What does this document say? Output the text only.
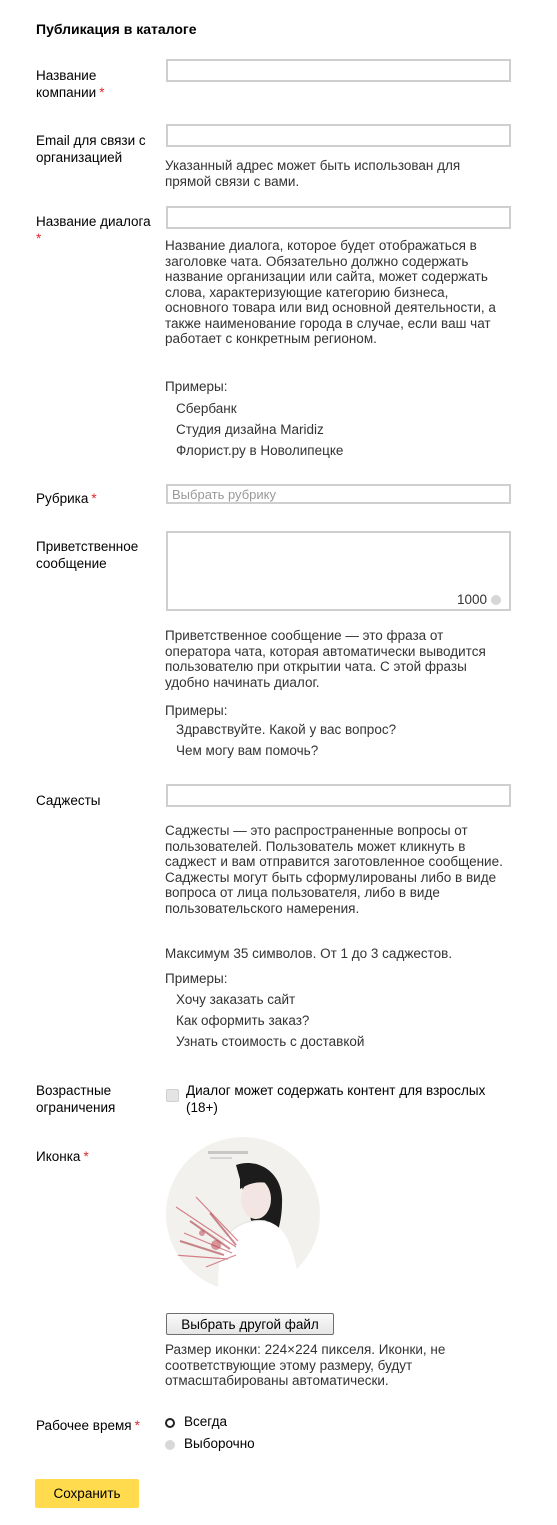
Публикация в каталоге
Название компании *
Email для связи с организацией
Указанный адрес может быть использован для прямой связи с вами.
Название диалога
*	Название диалога, которое будет отображаться в заголовке чата. Обязательно должно содержать название организации или сайта, может содержать слова, характеризующие категорию бизнеса, основного товара или вид основной деятельности, а также наименование города в случае, если ваш чат работает с конкретным регионом.
Примеры:
Сбербанк
Студия дизайна Maridiz
Флорист.ру в Новолипецке
Рубрика *
Выбрать рубрику
Приветственное сообщение
1000
Приветственное сообщение — это фраза от оператора чата, которая автоматически выводится пользователю при открытии чата. С этой фразы удобно начинать диалог.
Примеры:
Здравствуйте. Какой у вас вопрос?
Чем могу вам помочь?
Саджесты
Саджесты — это распространенные вопросы от пользователей. Пользователь может кликнуть в саджест и вам отправится заготовленное сообщение. Саджесты могут быть сформулированы либо в виде вопроса от лица пользователя, либо в виде пользовательского намерения.
Максимум 35 символов. От 1 до 3 саджестов.
Примеры:
Хочу заказать сайт
Как оформить заказ?
Узнать стоимость с доставкой
Возрастные ограничения
Диалог может содержать контент для взрослых (18+)
Иконка *
Выбрать другой файл
Размер иконки: 224×224 пикселя. Иконки, не соответствующие этому размеру, будут отмасштабированы автоматически.
Рабочее время *	Всегда
Выборочно
Сохранить
